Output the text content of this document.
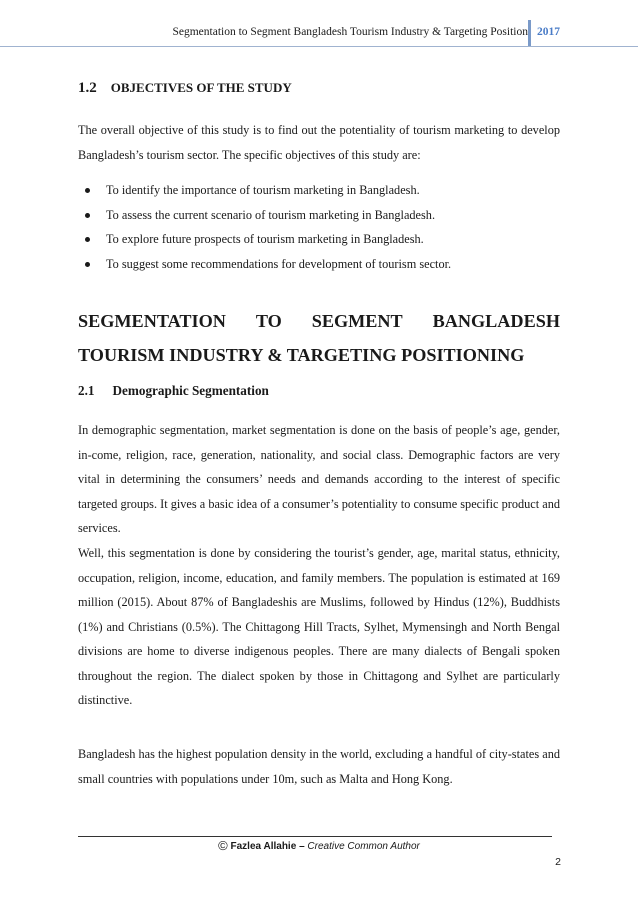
Segmentation to Segment Bangladesh Tourism Industry & Targeting Position 2017
1.2 OBJECTIVES OF THE STUDY

The overall objective of this study is to find out the potentiality of tourism marketing to develop Bangladesh’s tourism sector. The specific objectives of this study are:

To identify the importance of tourism marketing in Bangladesh.
To assess the current scenario of tourism marketing in Bangladesh.
To explore future prospects of tourism marketing in Bangladesh.
To suggest some recommendations for development of tourism sector.
SEGMENTATION TO SEGMENT BANGLADESH
TOURISM INDUSTRY & TARGETING POSITIONING
2.1 Demographic Segmentation

In demographic segmentation, market segmentation is done on the basis of people’s age, gender, in-come, religion, race, generation, nationality, and social class. Demographic factors are very vital in determining the consumers’ needs and demands according to the interest of specific targeted groups. It gives a basic idea of a consumer’s potentiality to consume specific product and services.

Well, this segmentation is done by considering the tourist’s gender, age, marital status, ethnicity, occupation, religion, income, education, and family members. The population is estimated at 169 million (2015). About 87% of Bangladeshis are Muslims, followed by Hindus (12%), Buddhists (1%) and Christians (0.5%). The Chittagong Hill Tracts, Sylhet, Mymensingh and North Bengal divisions are home to diverse indigenous peoples. There are many dialects of Bengali spoken throughout the region. The dialect spoken by those in Chittagong and Sylhet are particularly distinctive.

Bangladesh has the highest population density in the world, excluding a handful of city-states and small countries with populations under 10m, such as Malta and Hong Kong.

© Fazlea Allahie – Creative Common Author
2
